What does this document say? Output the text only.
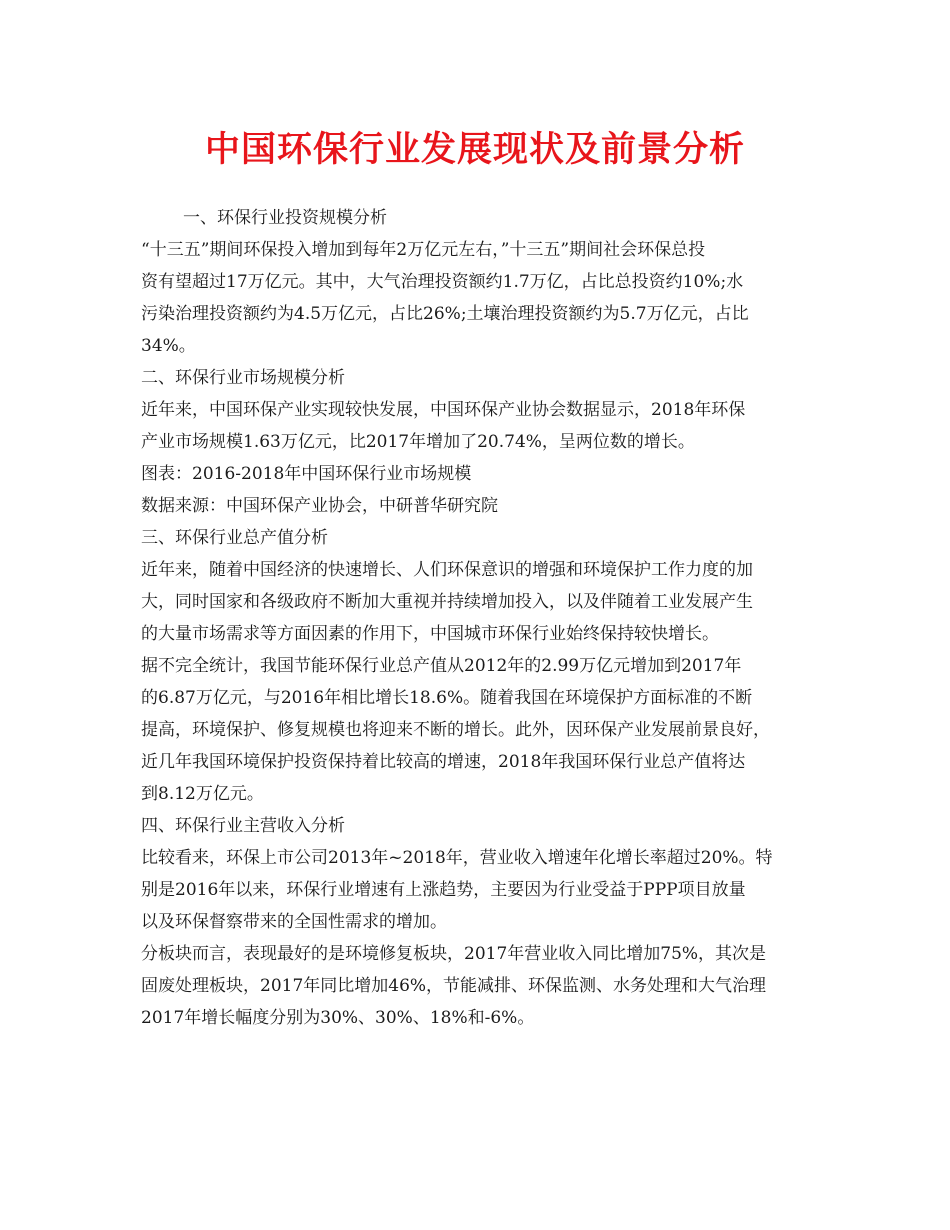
中国环保行业发展现状及前景分析

一、环保行业投资规模分析

“十三五”期间环保投入增加到每年2万亿元左右，”十三五”期间社会环保总投
资有望超过17万亿元。其中，大气治理投资额约1.7万亿，占比总投资约10%;水
污染治理投资额约为4.5万亿元，占比26%;土壤治理投资额约为5.7万亿元，占比
34%。

二、环保行业市场规模分析

近年来，中国环保产业实现较快发展，中国环保产业协会数据显示，2018年环保
产业市场规模1.63万亿元，比2017年增加了20.74%，呈两位数的增长。

图表：2016-2018年中国环保行业市场规模

数据来源：中国环保产业协会，中研普华研究院

三、环保行业总产值分析

近年来，随着中国经济的快速增长、人们环保意识的增强和环境保护工作力度的加
大，同时国家和各级政府不断加大重视并持续增加投入，以及伴随着工业发展产生
的大量市场需求等方面因素的作用下，中国城市环保行业始终保持较快增长。

据不完全统计，我国节能环保行业总产值从2012年的2.99万亿元增加到2017年
的6.87万亿元，与2016年相比增长18.6%。随着我国在环境保护方面标准的不断
提高，环境保护、修复规模也将迎来不断的增长。此外，因环保产业发展前景良好，
近几年我国环境保护投资保持着比较高的增速，2018年我国环保行业总产值将达
到8.12万亿元。

四、环保行业主营收入分析

比较看来，环保上市公司2013年~2018年，营业收入增速年化增长率超过20%。特
别是2016年以来，环保行业增速有上涨趋势，主要因为行业受益于PPP项目放量
以及环保督察带来的全国性需求的增加。

分板块而言，表现最好的是环境修复板块，2017年营业收入同比增加75%，其次是
固废处理板块，2017年同比增加46%，节能减排、环保监测、水务处理和大气治理
2017年增长幅度分别为30%、30%、18%和-6%。
